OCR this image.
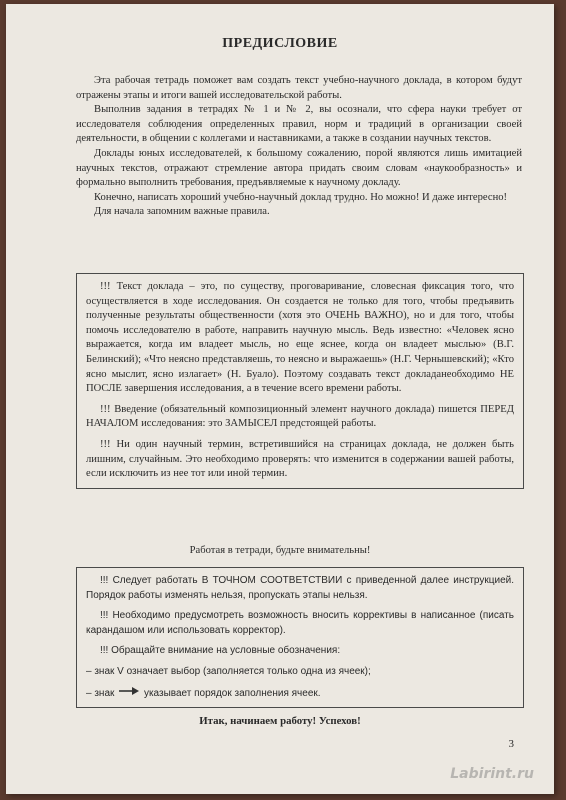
ПРЕДИСЛОВИЕ

Эта рабочая тетрадь поможет вам создать текст учебно-научного доклада, в котором будут отражены этапы и итоги вашей исследовательской работы.

Выполнив задания в тетрадях № 1 и № 2, вы осознали, что сфера науки требует от исследователя соблюдения определенных правил, норм и традиций в организации своей деятельности, в общении с коллегами и наставниками, а также в создании научных текстов.

Доклады юных исследователей, к большому сожалению, порой являются лишь имитацией научных текстов, отражают стремление автора придать своим словам «наукообразность» и формально выполнить требования, предъявляемые к научному докладу.

Конечно, написать хороший учебно-научный доклад трудно. Но можно! И даже интересно!

Для начала запомним важные правила.

!!! Текст доклада – это, по существу, проговаривание, словесная фиксация того, что осуществляется в ходе исследования. Он создается не только для того, чтобы предъявить полученные результаты общественности (хотя это ОЧЕНЬ ВАЖНО), но и для того, чтобы помочь исследователю в работе, направить научную мысль. Ведь известно: «Человек ясно выражается, когда им владеет мысль, но еще яснее, когда он владеет мыслью» (В.Г. Белинский); «Что неясно представляешь, то неясно и выражаешь» (Н.Г. Чернышевский); «Кто ясно мыслит, ясно излагает» (Н. Буало). Поэтому создавать текст докладанеобходимо НЕ ПОСЛЕ завершения исследования, а в течение всего времени работы.

!!! Введение (обязательный композиционный элемент научного доклада) пишется ПЕРЕД НАЧАЛОМ исследования: это ЗАМЫСЕЛ предстоящей работы.

!!! Ни один научный термин, встретившийся на страницах доклада, не должен быть лишним, случайным. Это необходимо проверять: что изменится в содержании вашей работы, если исключить из нее тот или иной термин.

Работая в тетради, будьте внимательны!

!!! Следует работать В ТОЧНОМ СООТВЕТСТВИИ с приведенной далее инструкцией. Порядок работы изменять нельзя, пропускать этапы нельзя.

!!! Необходимо предусмотреть возможность вносить коррективы в написанное (писать карандашом или использовать корректор).

!!! Обращайте внимание на условные обозначения:

– знак V означает выбор (заполняется только одна из ячеек);

– знак	указывает порядок заполнения ячеек.

Итак, начинаем работу! Успехов!
3
Labirint.ru
